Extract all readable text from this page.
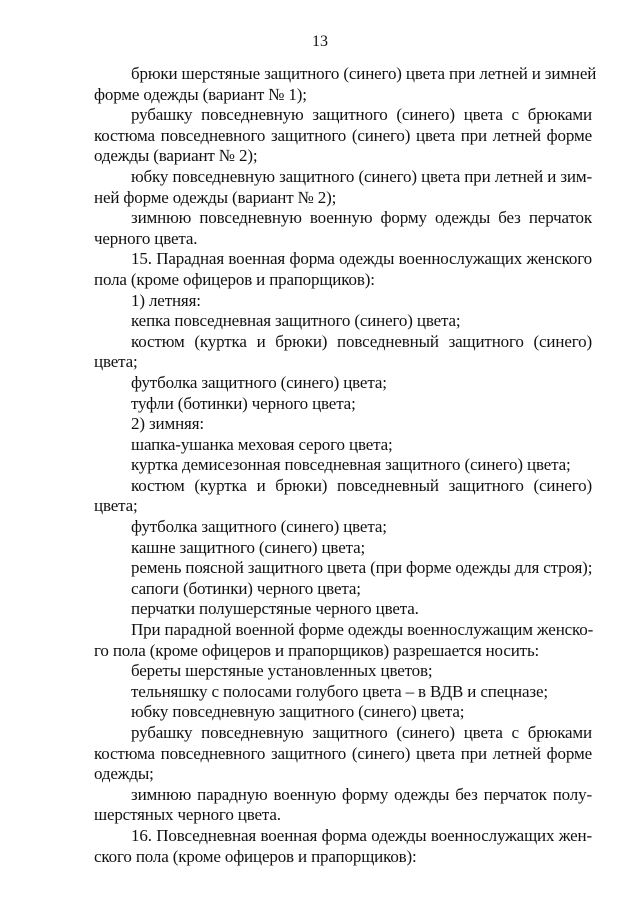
13
брюки шерстяные защитного (синего) цвета при летней и зимней
форме одежды (вариант № 1);
рубашку повседневную защитного (синего) цвета с брюками
костюма повседневного защитного (синего) цвета при летней форме
одежды (вариант № 2);
юбку повседневную защитного (синего) цвета при летней и зим-
ней форме одежды (вариант № 2);
зимнюю повседневную военную форму одежды без перчаток
черного цвета.
15. Парадная военная форма одежды военнослужащих женского
пола (кроме офицеров и прапорщиков):
1) летняя:
кепка повседневная защитного (синего) цвета;
костюм (куртка и брюки) повседневный защитного (синего)
цвета;
футболка защитного (синего) цвета;
туфли (ботинки) черного цвета;
2) зимняя:
шапка-ушанка меховая серого цвета;
куртка демисезонная повседневная защитного (синего) цвета;
костюм (куртка и брюки) повседневный защитного (синего)
цвета;
футболка защитного (синего) цвета;
кашне защитного (синего) цвета;
ремень поясной защитного цвета (при форме одежды для строя);
сапоги (ботинки) черного цвета;
перчатки полушерстяные черного цвета.
При парадной военной форме одежды военнослужащим женско-
го пола (кроме офицеров и прапорщиков) разрешается носить:
береты шерстяные установленных цветов;
тельняшку с полосами голубого цвета – в ВДВ и спецназе;
юбку повседневную защитного (синего) цвета;
рубашку повседневную защитного (синего) цвета с брюками
костюма повседневного защитного (синего) цвета при летней форме
одежды;
зимнюю парадную военную форму одежды без перчаток полу-
шерстяных черного цвета.
16. Повседневная военная форма одежды военнослужащих жен-
ского пола (кроме офицеров и прапорщиков):
